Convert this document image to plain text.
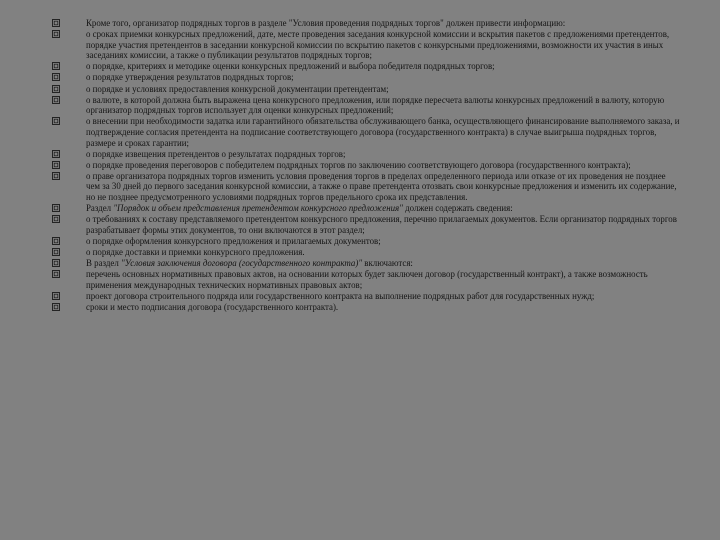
Кроме того, организатор подрядных торгов в разделе "Условия проведения подрядных торгов" должен привести информацию:
о сроках приемки конкурсных предложений, дате, месте проведения заседания конкурсной комиссии и вскрытия пакетов с предложениями претендентов, порядке участия претендентов в заседании конкурсной комиссии по вскрытию пакетов с конкурсными предложениями, возможности их участия в иных заседаниях комиссии, а также о публикации результатов подрядных торгов;
о порядке, критериях и методике оценки конкурсных предложений и выбора победителя подрядных торгов;
о порядке утверждения результатов подрядных торгов;
о порядке и условиях предоставления конкурсной документации претендентам;
о валюте, в которой должна быть выражена цена конкурсного предложения, или порядке пересчета валюты конкурсных предложений в валюту, которую организатор подрядных торгов использует для оценки конкурсных предложений;
о внесении при необходимости задатка или гарантийного обязательства обслуживающего банка, осуществляющего финансирование выполняемого заказа, и подтверждение согласия претендента на подписание соответствующего договора (государственного контракта) в случае выигрыша подрядных торгов, размере и сроках гарантии;
о порядке извещения претендентов о результатах подрядных торгов;
о порядке проведения переговоров с победителем подрядных торгов по заключению соответствующего договора (государственного контракта);
о праве организатора подрядных торгов изменить условия проведения торгов в пределах определенного периода или отказе от их проведения не позднее чем за 30 дней до первого заседания конкурсной комиссии, а также о праве претендента отозвать свои конкурсные предложения и изменить их содержание, но не позднее предусмотренного условиями подрядных торгов предельного срока их представления.
Раздел "Порядок и объем представления претендентом конкурсного предложения" должен содержать сведения:
о требованиях к составу представляемого претендентом конкурсного предложения, перечню прилагаемых документов. Если организатор подрядных торгов разрабатывает формы этих документов, то они включаются в этот раздел;
о порядке оформления конкурсного предложения и прилагаемых документов;
о порядке доставки и приемки конкурсного предложения.
В раздел "Условия заключения договора (государственного контракта)" включаются:
перечень основных нормативных правовых актов, на основании которых будет заключен договор (государственный контракт), а также возможность применения международных технических нормативных правовых актов;
проект договора строительного подряда или государственного контракта на выполнение подрядных работ для государственных нужд;
сроки и место подписания договора (государственного контракта).
